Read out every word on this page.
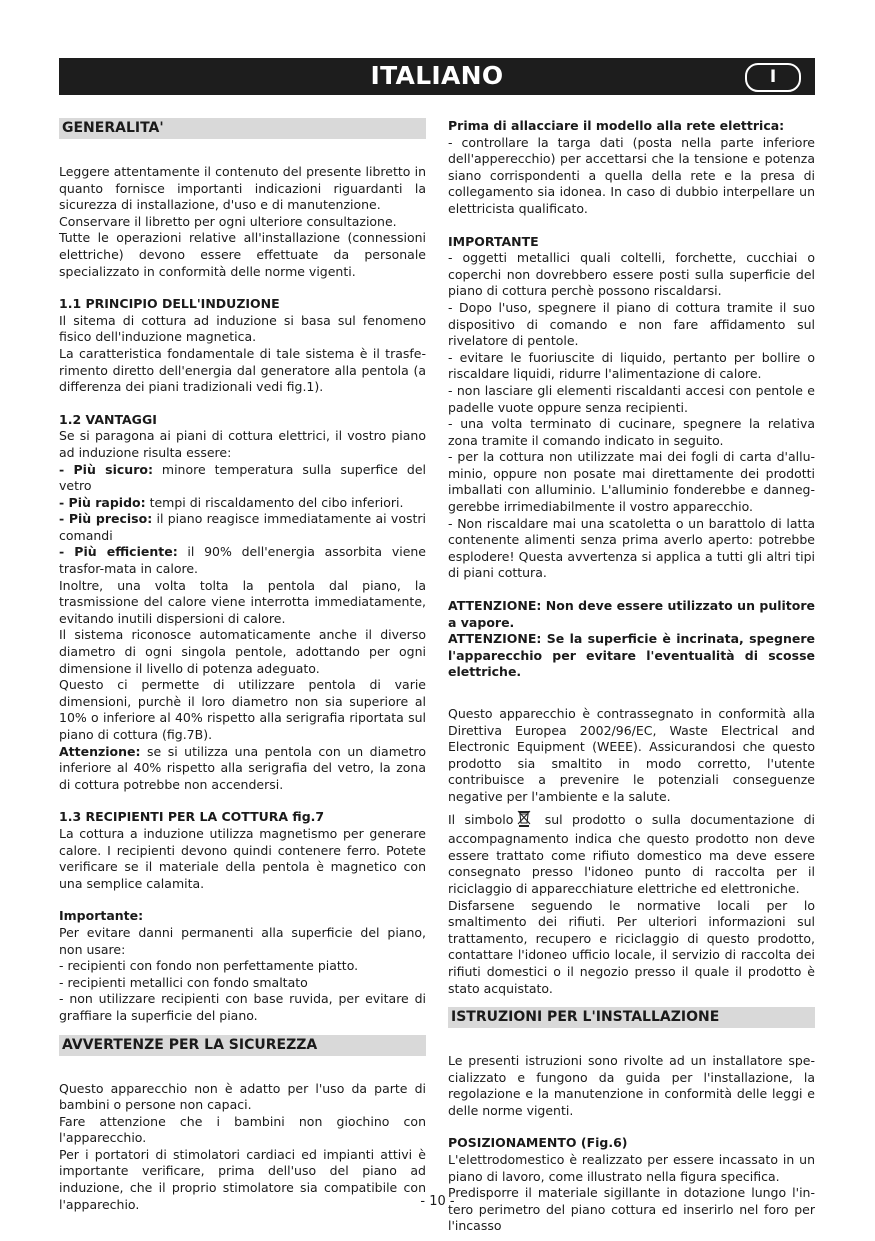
ITALIANO	I
GENERALITA'

Leggere attentamente il contenuto del presente libretto in quanto fornisce importanti indicazioni riguardanti la sicurezza di installazione, d'uso e di manutenzione.

Conservare il libretto per ogni ulteriore consultazione.

Tutte le operazioni relative all'installazione (connessioni elettriche) devono essere effettuate da personale specializzato in conformità delle norme vigenti.

1.1 PRINCIPIO DELL'INDUZIONE

Il sitema di cottura ad induzione si basa sul fenomeno fisico dell'induzione magnetica.

La caratteristica fondamentale di tale sistema è il trasfe-rimento diretto dell'energia dal generatore alla pentola (a differenza dei piani tradizionali vedi fig.1).

1.2 VANTAGGI

Se si paragona ai piani di cottura elettrici, il vostro piano ad induzione risulta essere:

- Più sicuro: minore temperatura sulla superfice del vetro

- Più rapido: tempi di riscaldamento del cibo inferiori.

- Più preciso: il piano reagisce immediatamente ai vostri comandi

- Più efficiente: il 90% dell'energia assorbita viene trasfor-mata in calore.

Inoltre, una volta tolta la pentola dal piano, la trasmissione del calore viene interrotta immediatamente, evitando inutili dispersioni di calore.

Il sistema riconosce automaticamente anche il diverso diametro di ogni singola pentole, adottando per ogni dimensione il livello di potenza adeguato.

Questo ci permette di utilizzare pentola di varie dimensioni, purchè il loro diametro non sia superiore al 10% o inferiore al 40% rispetto alla serigrafia riportata sul piano di cottura (fig.7B).

Attenzione: se si utilizza una pentola con un diametro inferiore al 40% rispetto alla serigrafia del vetro, la zona di cottura potrebbe non accendersi.

1.3 RECIPIENTI PER LA COTTURA fig.7

La cottura a induzione utilizza magnetismo per generare calore. I recipienti devono quindi contenere ferro. Potete verificare se il materiale della pentola è magnetico con una semplice calamita.

Importante:

Per evitare danni permanenti alla superficie del piano, non usare:

- recipienti con fondo non perfettamente piatto.

- recipienti metallici con fondo smaltato

- non utilizzare recipienti con base ruvida, per evitare di graffiare la superficie del piano.

AVVERTENZE PER LA SICUREZZA

Questo apparecchio non è adatto per l'uso da parte di bambini o persone non capaci.

Fare attenzione che i bambini non giochino con l'apparecchio.

Per i portatori di stimolatori cardiaci ed impianti attivi è importante verificare, prima dell'uso del piano ad induzione, che il proprio stimolatore sia compatibile con l'apparechio.

Prima di allacciare il modello alla rete elettrica:

- controllare la targa dati (posta nella parte inferiore dell'apperecchio) per accettarsi che la tensione e potenza siano corrispondenti a quella della rete e la presa di collegamento sia idonea. In caso di dubbio interpellare un elettricista qualificato.

IMPORTANTE

- oggetti metallici quali coltelli, forchette, cucchiai o coperchi non dovrebbero essere posti sulla superficie del piano di cottura perchè possono riscaldarsi.

- Dopo l'uso, spegnere il piano di cottura tramite il suo dispositivo di comando e non fare affidamento sul rivelatore di pentole.

- evitare le fuoriuscite di liquido, pertanto per bollire o riscaldare liquidi, ridurre l'alimentazione di calore.

- non lasciare gli elementi riscaldanti accesi con pentole e padelle vuote oppure senza recipienti.

- una volta terminato di cucinare, spegnere la relativa zona tramite il comando indicato in seguito.

- per la cottura non utilizzate mai dei fogli di carta d'allu-minio, oppure non posate mai direttamente dei prodotti imballati con alluminio. L'alluminio fonderebbe e danneg-gerebbe irrimediabilmente il vostro apparecchio.

- Non riscaldare mai una scatoletta o un barattolo di latta contenente alimenti senza prima averlo aperto: potrebbe esplodere! Questa avvertenza si applica a tutti gli altri tipi di piani cottura.

ATTENZIONE: Non deve essere utilizzato un pulitore a vapore.

ATTENZIONE: Se la superficie è incrinata, spegnere l'apparecchio per evitare l'eventualità di scosse elettriche.

Questo apparecchio è contrassegnato in conformità alla Direttiva Europea 2002/96/EC, Waste Electrical and Electronic Equipment (WEEE). Assicurandosi che questo prodotto sia smaltito in modo corretto, l'utente contribuisce a prevenire le potenziali conseguenze negative per l'ambiente e la salute.

Il simbolo	sul prodotto o sulla documentazione di accompagnamento indica che questo prodotto non deve essere trattato come rifiuto domestico ma deve essere consegnato presso l'idoneo punto di raccolta per il riciclaggio di apparecchiature elettriche ed elettroniche.

Disfarsene seguendo le normative locali per lo smaltimento dei rifiuti. Per ulteriori informazioni sul trattamento, recupero e riciclaggio di questo prodotto, contattare l'idoneo ufficio locale, il servizio di raccolta dei rifiuti domestici o il negozio presso il quale il prodotto è stato acquistato.

ISTRUZIONI PER L'INSTALLAZIONE

Le presenti istruzioni sono rivolte ad un installatore spe-cializzato e fungono da guida per l'installazione, la regolazione e la manutenzione in conformità delle leggi e delle norme vigenti.

POSIZIONAMENTO (Fig.6)

L'elettrodomestico è realizzato per essere incassato in un piano di lavoro, come illustrato nella figura specifica.

Predisporre il materiale sigillante in dotazione lungo l'in-tero perimetro del piano cottura ed inserirlo nel foro per l'incasso

- 10 -
